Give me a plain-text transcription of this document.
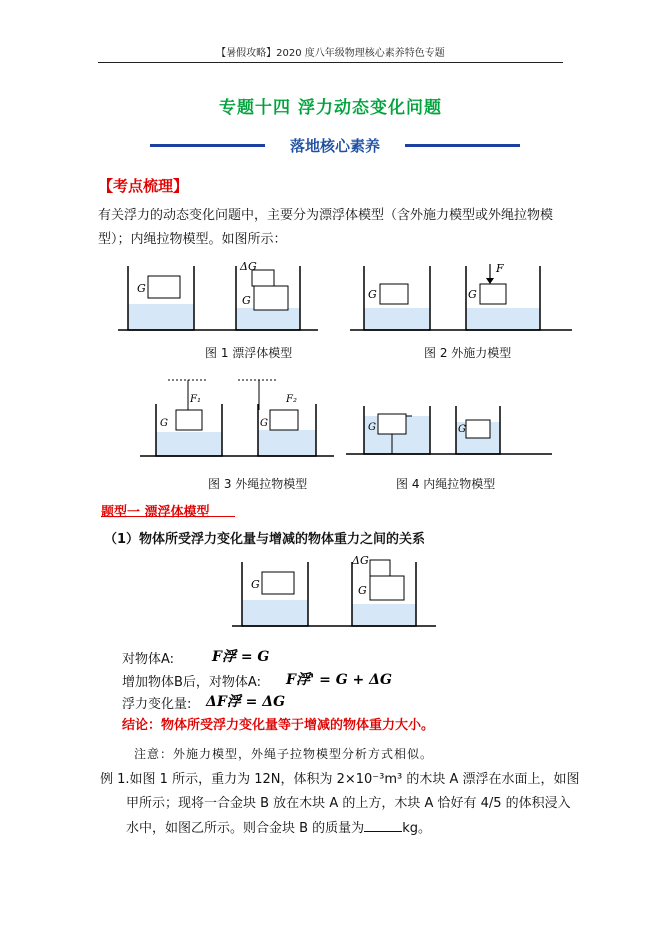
【暑假攻略】2020 度八年级物理核心素养特色专题
专题十四 浮力动态变化问题
落地核心素养
【考点梳理】
有关浮力的动态变化问题中，主要分为漂浮体模型（含外施力模型或外绳拉物模
型）；内绳拉物模型。如图所示：
G
G
ΔG
图 1 漂浮体模型
G	G
F
图 2 外施力模型
G	G
F₁	F₂
图 3 外绳拉物模型
G	G
图 4 内绳拉物模型
题型一 漂浮体模型
（1）物体所受浮力变化量与增减的物体重力之间的关系
G	G
ΔG
对物体A:	F浮 = G
增加物体B后，对物体A: F浮' = G + ΔG
浮力变化量: ΔF浮 = ΔG
结论：物体所受浮力变化量等于增减的物体重力大小。
注意：外施力模型，外绳子拉物模型分析方式相似。
例 1.如图 1 所示，重力为 12N，体积为 2×10⁻³m³ 的木块 A 漂浮在水面上，如图
甲所示；现将一合金块 B 放在木块 A 的上方，木块 A 恰好有 4/5 的体积浸入
水中，如图乙所示。则合金块 B 的质量为	kg。
